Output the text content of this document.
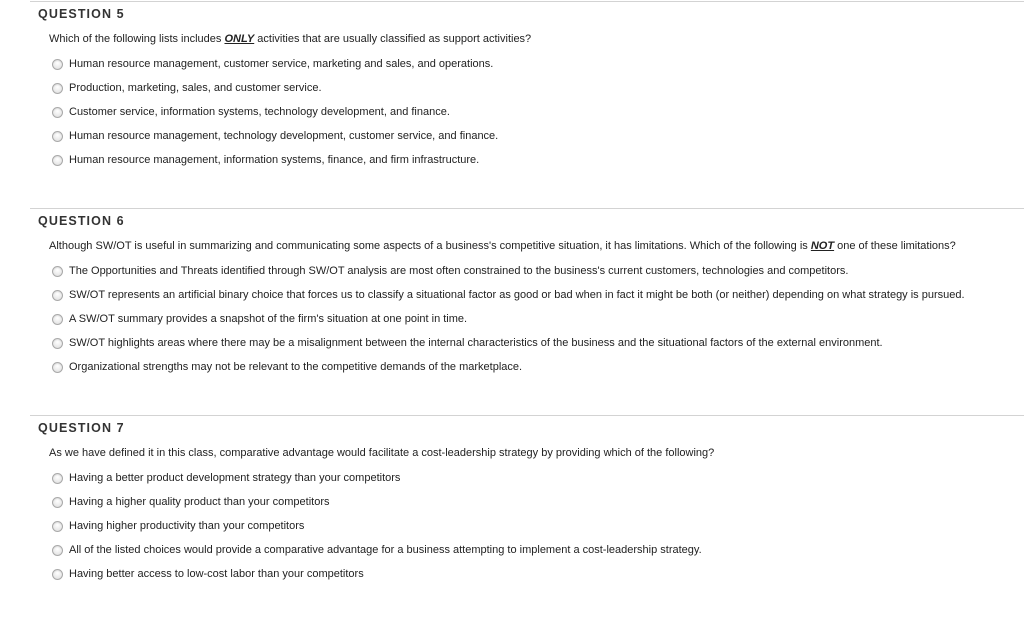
QUESTION 5
Which of the following lists includes ONLY activities that are usually classified as support activities?
Human resource management, customer service, marketing and sales, and operations.
Production, marketing, sales, and customer service.
Customer service, information systems, technology development, and finance.
Human resource management, technology development, customer service, and finance.
Human resource management, information systems, finance, and firm infrastructure.
QUESTION 6
Although SW/OT is useful in summarizing and communicating some aspects of a business's competitive situation, it has limitations. Which of the following is NOT one of these limitations?
The Opportunities and Threats identified through SW/OT analysis are most often constrained to the business's current customers, technologies and competitors.
SW/OT represents an artificial binary choice that forces us to classify a situational factor as good or bad when in fact it might be both (or neither) depending on what strategy is pursued.
A SW/OT summary provides a snapshot of the firm's situation at one point in time.
SW/OT highlights areas where there may be a misalignment between the internal characteristics of the business and the situational factors of the external environment.
Organizational strengths may not be relevant to the competitive demands of the marketplace.
QUESTION 7
As we have defined it in this class, comparative advantage would facilitate a cost-leadership strategy by providing which of the following?
Having a better product development strategy than your competitors
Having a higher quality product than your competitors
Having higher productivity than your competitors
All of the listed choices would provide a comparative advantage for a business attempting to implement a cost-leadership strategy.
Having better access to low-cost labor than your competitors
